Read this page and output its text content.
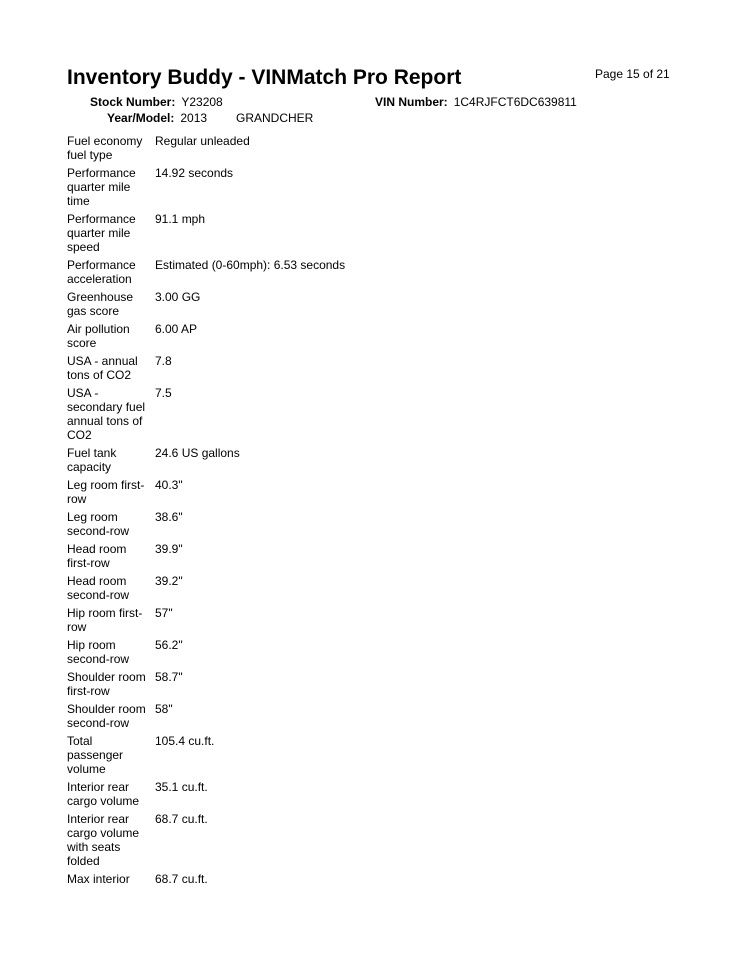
Inventory Buddy - VINMatch Pro Report	Page 15 of 21
Stock Number: Y23208
Year/Model: 2013 GRANDCHER
VIN Number: 1C4RJFCT6DC639811
Fuel economy fuel type
Regular unleaded
Performance quarter mile time
14.92 seconds
Performance quarter mile speed
91.1 mph
Performance acceleration
Estimated (0-60mph): 6.53 seconds
Greenhouse gas score
3.00 GG
Air pollution score
6.00 AP
USA - annual tons of CO2
7.8
USA - secondary fuel annual tons of CO2
7.5
Fuel tank capacity
24.6 US gallons
Leg room first-row
40.3"
Leg room second-row
38.6"
Head room first-row
39.9"
Head room second-row
39.2"
Hip room first-row
57"
Hip room second-row
56.2"
Shoulder room first-row
58.7"
Shoulder room second-row
58"
Total passenger volume
105.4 cu.ft.
Interior rear cargo volume
35.1 cu.ft.
Interior rear cargo volume with seats folded
68.7 cu.ft.
Max interior	68.7 cu.ft.
